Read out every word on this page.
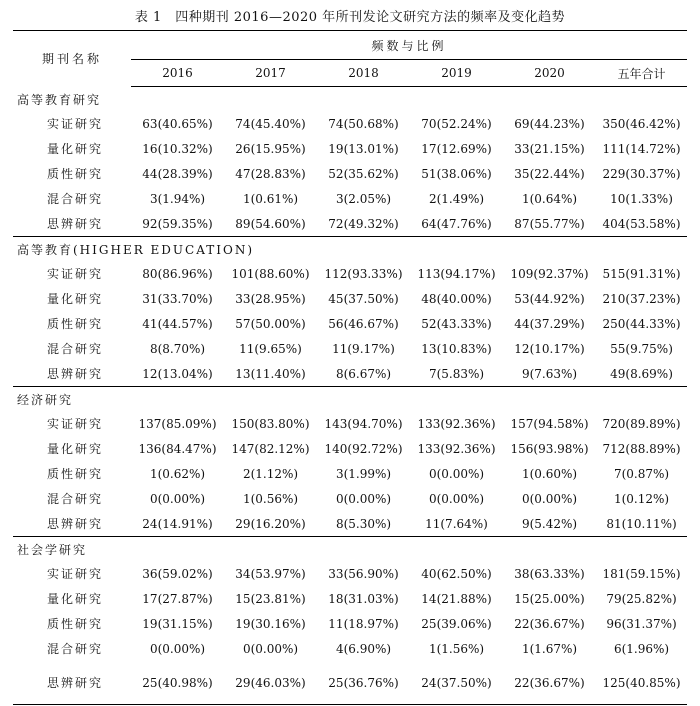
表 1　四种期刊 2016—2020 年所刊发论文研究方法的频率及变化趋势
期刊名称	频数与比例					
	2016	2017	2018	2019	2020	五年合计
高等教育研究						
实证研究	63(40.65%)	74(45.40%)	74(50.68%)	70(52.24%)	69(44.23%)	350(46.42%)
量化研究	16(10.32%)	26(15.95%)	19(13.01%)	17(12.69%)	33(21.15%)	111(14.72%)
质性研究	44(28.39%)	47(28.83%)	52(35.62%)	51(38.06%)	35(22.44%)	229(30.37%)
混合研究	3(1.94%)	1(0.61%)	3(2.05%)	2(1.49%)	1(0.64%)	10(1.33%)
思辨研究	92(59.35%)	89(54.60%)	72(49.32%)	64(47.76%)	87(55.77%)	404(53.58%)
高等教育(HIGHER EDUCATION)						
实证研究	80(86.96%)	101(88.60%)	112(93.33%)	113(94.17%)	109(92.37%)	515(91.31%)
量化研究	31(33.70%)	33(28.95%)	45(37.50%)	48(40.00%)	53(44.92%)	210(37.23%)
质性研究	41(44.57%)	57(50.00%)	56(46.67%)	52(43.33%)	44(37.29%)	250(44.33%)
混合研究	8(8.70%)	11(9.65%)	11(9.17%)	13(10.83%)	12(10.17%)	55(9.75%)
思辨研究	12(13.04%)	13(11.40%)	8(6.67%)	7(5.83%)	9(7.63%)	49(8.69%)
经济研究						
实证研究	137(85.09%)	150(83.80%)	143(94.70%)	133(92.36%)	157(94.58%)	720(89.89%)
量化研究	136(84.47%)	147(82.12%)	140(92.72%)	133(92.36%)	156(93.98%)	712(88.89%)
质性研究	1(0.62%)	2(1.12%)	3(1.99%)	0(0.00%)	1(0.60%)	7(0.87%)
混合研究	0(0.00%)	1(0.56%)	0(0.00%)	0(0.00%)	0(0.00%)	1(0.12%)
思辨研究	24(14.91%)	29(16.20%)	8(5.30%)	11(7.64%)	9(5.42%)	81(10.11%)
社会学研究						
实证研究	36(59.02%)	34(53.97%)	33(56.90%)	40(62.50%)	38(63.33%)	181(59.15%)
量化研究	17(27.87%)	15(23.81%)	18(31.03%)	14(21.88%)	15(25.00%)	79(25.82%)
质性研究	19(31.15%)	19(30.16%)	11(18.97%)	25(39.06%)	22(36.67%)	96(31.37%)
混合研究	0(0.00%)	0(0.00%)	4(6.90%)	1(1.56%)	1(1.67%)	6(1.96%)
思辨研究	25(40.98%)	29(46.03%)	25(36.76%)	24(37.50%)	22(36.67%)	125(40.85%)
